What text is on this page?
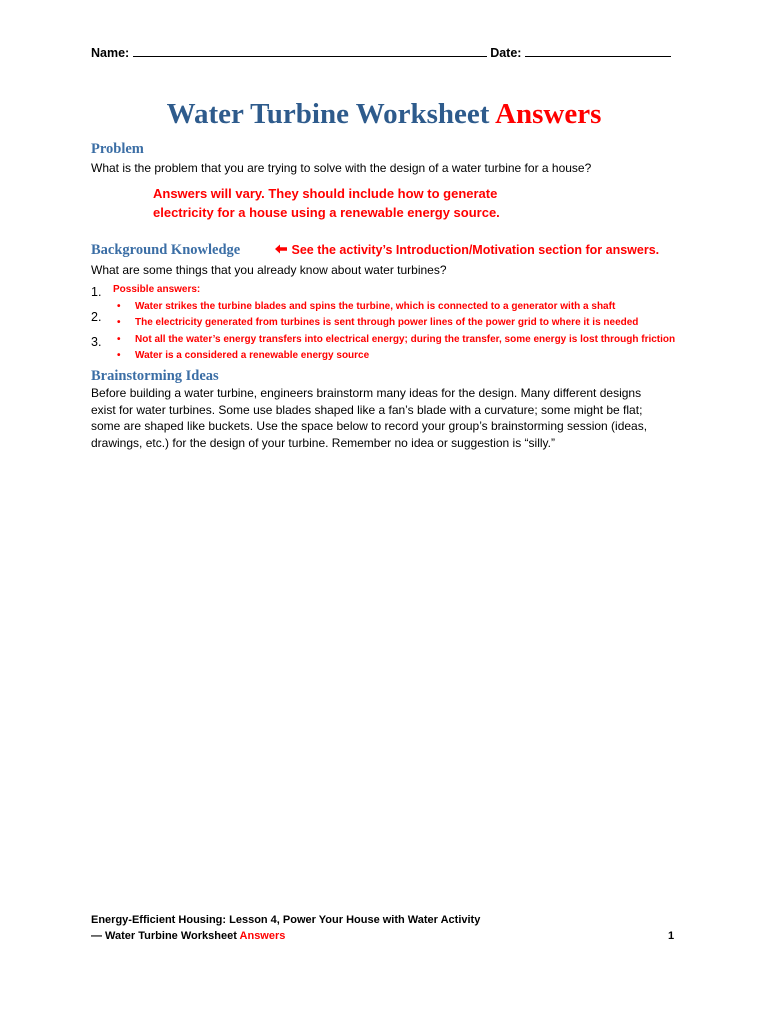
Name:	Date:
Water Turbine Worksheet Answers
Problem
What is the problem that you are trying to solve with the design of a water turbine for a house?
Answers will vary. They should include how to generate
electricity for a house using a renewable energy source.
Background Knowledge	See the activity’s Introduction/Motivation section for answers.
What are some things that you already know about water turbines?
1.
2.
3.
Possible answers:
• Water strikes the turbine blades and spins the turbine, which is connected to a generator with a shaft
• The electricity generated from turbines is sent through power lines of the power grid to where it is needed
• Not all the water’s energy transfers into electrical energy; during the transfer, some energy is lost through friction
• Water is a considered a renewable energy source
Brainstorming Ideas
Before building a water turbine, engineers brainstorm many ideas for the design. Many different designs
exist for water turbines. Some use blades shaped like a fan’s blade with a curvature; some might be flat;
some are shaped like buckets. Use the space below to record your group’s brainstorming session (ideas,
drawings, etc.) for the design of your turbine. Remember no idea or suggestion is “silly.”
Energy-Efficient Housing: Lesson 4, Power Your House with Water Activity
— Water Turbine Worksheet Answers	1
